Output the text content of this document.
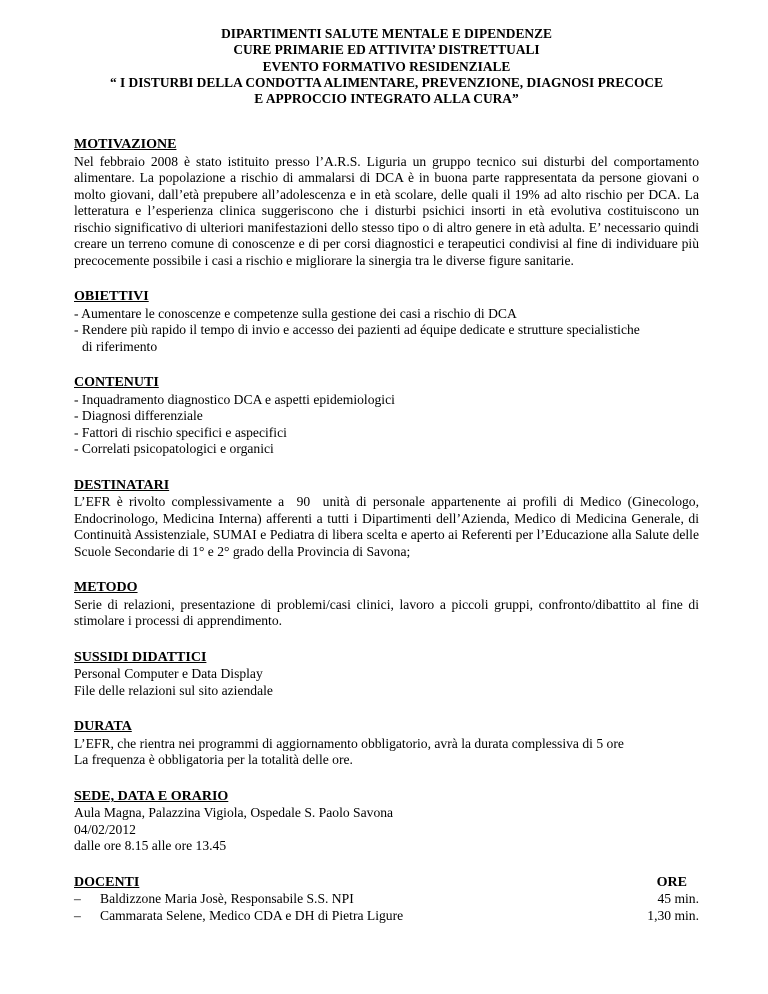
DIPARTIMENTI SALUTE MENTALE E DIPENDENZE
CURE PRIMARIE ED ATTIVITA’ DISTRETTUALI
EVENTO FORMATIVO RESIDENZIALE
“ I DISTURBI DELLA CONDOTTA ALIMENTARE, PREVENZIONE, DIAGNOSI PRECOCE
E APPROCCIO INTEGRATO ALLA CURA”
MOTIVAZIONE
Nel febbraio 2008 è stato istituito presso l’A.R.S. Liguria un gruppo tecnico sui disturbi del comportamento alimentare. La popolazione a rischio di ammalarsi di DCA è in buona parte rappresentata da persone giovani o molto giovani, dall’età prepubere all’adolescenza e in età scolare, delle quali il 19% ad alto rischio per DCA. La letteratura e l’esperienza clinica suggeriscono che i disturbi psichici insorti in età evolutiva costituiscono un rischio significativo di ulteriori manifestazioni dello stesso tipo o di altro genere in età adulta. E’ necessario quindi creare un terreno comune di conoscenze e di per corsi diagnostici e terapeutici condivisi al fine di individuare più precocemente possibile i casi a rischio e migliorare la sinergia tra le diverse figure sanitarie.
OBIETTIVI
- Aumentare le conoscenze e competenze sulla gestione dei casi a rischio di DCA
- Rendere più rapido il tempo di invio e accesso dei pazienti ad équipe dedicate e strutture specialistiche di riferimento
CONTENUTI
- Inquadramento diagnostico DCA e aspetti epidemiologici
- Diagnosi differenziale
- Fattori di rischio specifici e aspecifici
- Correlati psicopatologici e organici
DESTINATARI
L’EFR è rivolto complessivamente a  90  unità di personale appartenente ai profili di Medico (Ginecologo, Endocrinologo, Medicina Interna) afferenti a tutti i Dipartimenti dell’Azienda, Medico di Medicina Generale, di Continuità Assistenziale, SUMAI e Pediatra di libera scelta e aperto ai Referenti per l’Educazione alla Salute delle Scuole Secondarie di 1° e 2° grado della Provincia di Savona;
METODO
Serie di relazioni, presentazione di problemi/casi clinici, lavoro a piccoli gruppi, confronto/dibattito al fine di stimolare i processi di apprendimento.
SUSSIDI DIDATTICI
Personal Computer e Data Display
File delle relazioni sul sito aziendale
DURATA
L’EFR, che rientra nei programmi di aggiornamento obbligatorio, avrà la durata complessiva di 5 ore
La frequenza è obbligatoria per la totalità delle ore.
SEDE, DATA E ORARIO
Aula Magna, Palazzina Vigiola, Ospedale S. Paolo Savona
04/02/2012
dalle ore 8.15 alle ore 13.45
DOCENTI	ORE
– Baldizzone Maria Josè, Responsabile S.S. NPI	45 min.
– Cammarata Selene, Medico CDA e DH di Pietra Ligure	1,30 min.
